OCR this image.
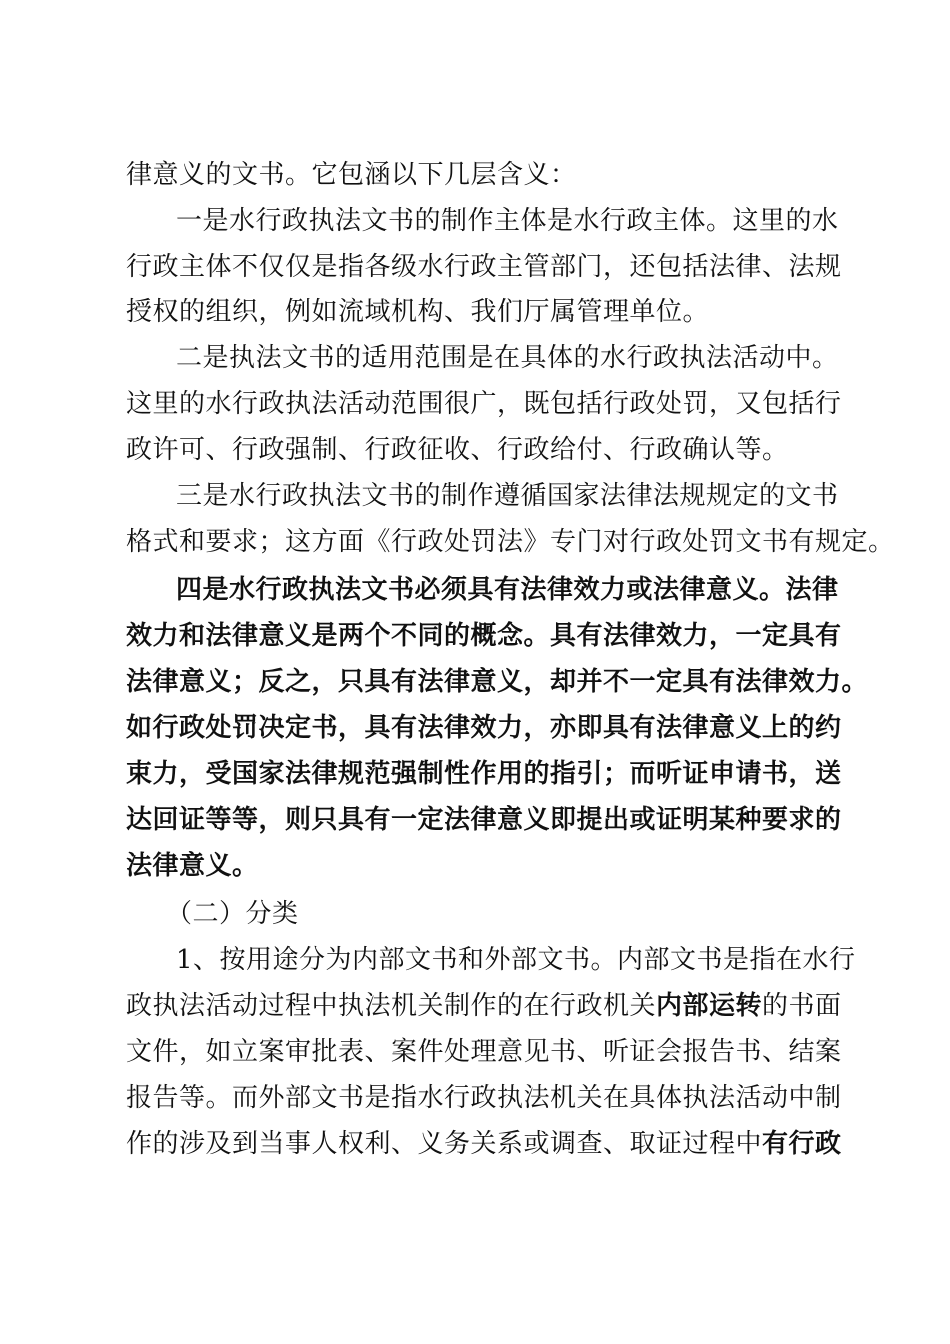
律意义的文书。它包涵以下几层含义：
一是水行政执法文书的制作主体是水行政主体。这里的水
行政主体不仅仅是指各级水行政主管部门，还包括法律、法规
授权的组织，例如流域机构、我们厅属管理单位。
二是执法文书的适用范围是在具体的水行政执法活动中。
这里的水行政执法活动范围很广，既包括行政处罚，又包括行
政许可、行政强制、行政征收、行政给付、行政确认等。
三是水行政执法文书的制作遵循国家法律法规规定的文书
格式和要求；这方面《行政处罚法》专门对行政处罚文书有规定。
四是水行政执法文书必须具有法律效力或法律意义。法律
效力和法律意义是两个不同的概念。具有法律效力，一定具有
法律意义；反之，只具有法律意义，却并不一定具有法律效力。
如行政处罚决定书，具有法律效力，亦即具有法律意义上的约
束力，受国家法律规范强制性作用的指引；而听证申请书，送
达回证等等，则只具有一定法律意义即提出或证明某种要求的
法律意义。
（二）分类
1、按用途分为内部文书和外部文书。内部文书是指在水行
政执法活动过程中执法机关制作的在行政机关内部运转的书面
文件，如立案审批表、案件处理意见书、听证会报告书、结案
报告等。而外部文书是指水行政执法机关在具体执法活动中制
作的涉及到当事人权利、义务关系或调查、取证过程中有行政
